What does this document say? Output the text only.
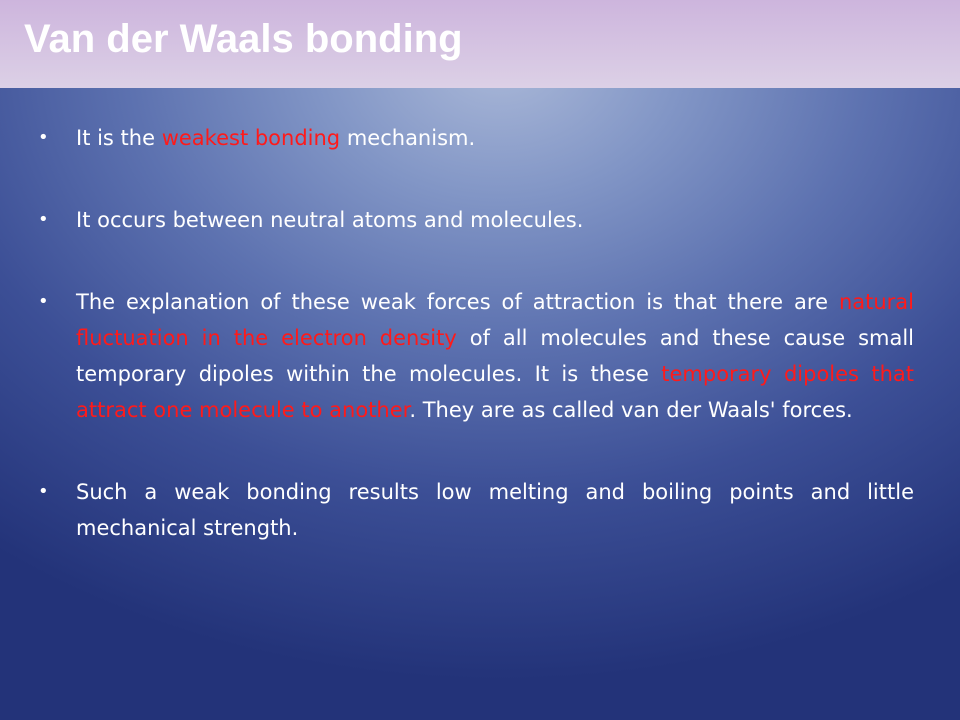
Van der Waals bonding
• It is the weakest bonding mechanism.
• It occurs between neutral atoms and molecules.
• The explanation of these weak forces of attraction is that there are natural fluctuation in the electron density of all molecules and these cause small temporary dipoles within the molecules. It is these temporary dipoles that attract one molecule to another. They are as called van der Waals' forces.
• Such a weak bonding results low melting and boiling points and little mechanical strength.
